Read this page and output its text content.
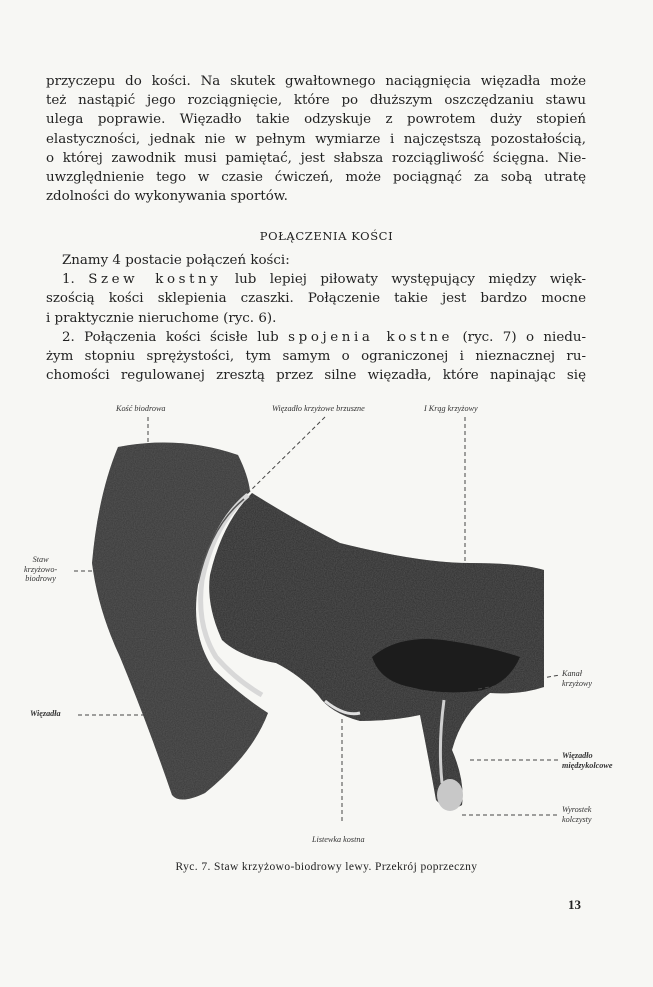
przyczepu do kości. Na skutek gwałtownego naciągnięcia więzadła może
też nastąpić jego rozciągnięcie, które po dłuższym oszczędzaniu stawu
ulega poprawie. Więzadło takie odzyskuje z powrotem duży stopień
elastyczności, jednak nie w pełnym wymiarze i najczęstszą pozostałością,
o której zawodnik musi pamiętać, jest słabsza rozciągliwość ścięgna. Nie-
uwzględnienie tego w czasie ćwiczeń, może pociągnąć za sobą utratę
zdolności do wykonywania sportów.

POŁĄCZENIA KOŚCI

Znamy 4 postacie połączeń kości:
1. Szew kostny lub lepiej piłowaty występujący między więk-
szością kości sklepienia czaszki. Połączenie takie jest bardzo mocne
i praktycznie nieruchome (ryc. 6).
2. Połączenia kości ścisłe lub spojenia kostne (ryc. 7) o niedu-
żym stopniu sprężystości, tym samym o ograniczonej i nieznacznej ru-
chomości regulowanej zresztą przez silne więzadła, które napinając się

Kość biodrowa	Więzadło krzyżowe brzuszne	I Krąg krzyżowy
Staw
krzyżowo-
biodrowy
Więzadła
Kanał
krzyżowy
Więzadło
międzykolcowe
Wyrostek
kolczysty
Listewka kostna
Ryc. 7. Staw krzyżowo-biodrowy lewy. Przekrój poprzeczny
13
